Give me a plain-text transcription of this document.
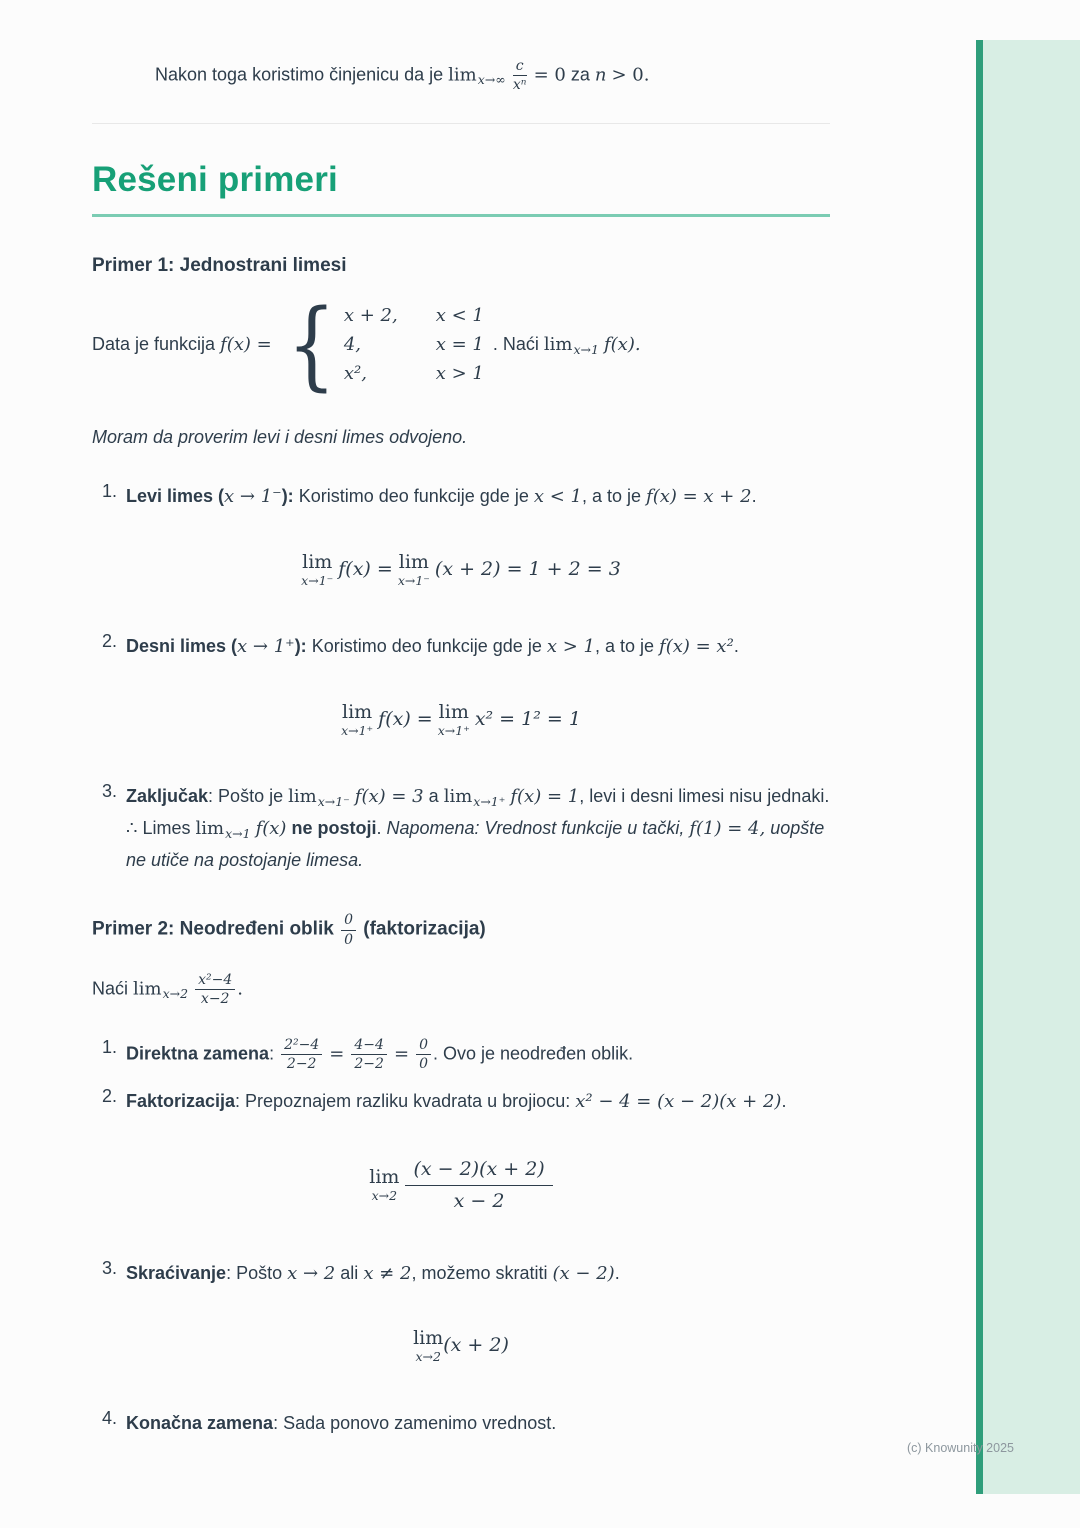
Nakon toga koristimo činjenicu da je $\lim_{x\to\infty} \frac{c}{\text{xⁿ}} = 0$ za n > 0.

Rešeni primeri
Primer 1: Jednostrani limesi

Data je funkcija f(x) = { x + 2, x < 1
4,	x = 1
x²,	x > 1
. Naći $\lim_{x\to 1} f(x)$.

Moram da proverim levi i desni limes odvojeno.

1. Levi limes (x → 1⁻): Koristimo deo funkcije gde je x < 1, a to je f(x) = x + 2.
lim
x→1⁻
f(x) = lim
x→1⁻
(x + 2) = 1 + 2 = 3
2. Desni limes (x → 1⁺): Koristimo deo funkcije gde je x > 1, a to je f(x) = x².
lim
x→1⁺
f(x) = lim
x→1⁺
x² = 1² = 1
3. Zaključak: Pošto je $\lim_{x\to 1^-} f(x) = 3$ a $\lim_{x\to 1^+} f(x) = 1$, levi i desni limesi nisu jednaki. ∴ Limes $\lim_{x\to 1} f(x)$ ne postoji. Napomena: Vrednost funkcije u tački, f(1) = 4, uopšte ne utiče na postojanje limesa.
Primer 2: Neodređeni oblik $\frac{0}{0}$ (faktorizacija)

Naći $\lim_{x\to 2} \frac{\text{x²−4}}{x-2}$ .

1. Direktna zamena: $\frac{\text{2²−4}}{2-2} = \frac{4-4}{2-2} = \frac{0}{0}$ . Ovo je neodređen oblik.
2. Faktorizacija: Prepoznajem razliku kvadrata u brojiocu: x² − 4 = (x − 2)(x + 2).
lim
$x\to 2 \frac{(x - 2)(x + 2)}{x - 2}$
3. Skraćivanje: Pošto x → 2 ali x ≠ 2, možemo skratiti (x − 2).
lim
x→2
(x + 2)
4. Konačna zamena: Sada ponovo zamenimo vrednost.
(c) Knowunity 2025
